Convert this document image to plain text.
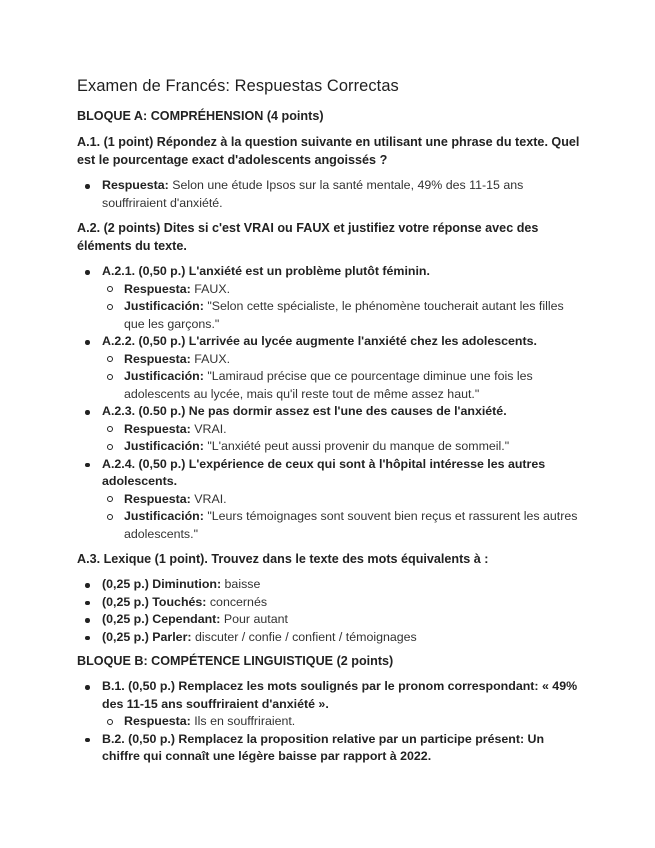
Examen de Francés: Respuestas Correctas
BLOQUE A: COMPRÉHENSION (4 points)
A.1. (1 point) Répondez à la question suivante en utilisant une phrase du texte. Quel est le pourcentage exact d'adolescents angoissés ?
Respuesta: Selon une étude Ipsos sur la santé mentale, 49% des 11-15 ans souffriraient d'anxiété.
A.2. (2 points) Dites si c'est VRAI ou FAUX et justifiez votre réponse avec des éléments du texte.
A.2.1. (0,50 p.) L'anxiété est un problème plutôt féminin.
Respuesta: FAUX.
Justificación: "Selon cette spécialiste, le phénomène toucherait autant les filles que les garçons."
A.2.2. (0,50 p.) L'arrivée au lycée augmente l'anxiété chez les adolescents.
Respuesta: FAUX.
Justificación: "Lamiraud précise que ce pourcentage diminue une fois les adolescents au lycée, mais qu'il reste tout de même assez haut."
A.2.3. (0.50 p.) Ne pas dormir assez est l'une des causes de l'anxiété.
Respuesta: VRAI.
Justificación: "L'anxiété peut aussi provenir du manque de sommeil."
A.2.4. (0,50 p.) L'expérience de ceux qui sont à l'hôpital intéresse les autres adolescents.
Respuesta: VRAI.
Justificación: "Leurs témoignages sont souvent bien reçus et rassurent les autres adolescents."
A.3. Lexique (1 point). Trouvez dans le texte des mots équivalents à :
(0,25 p.) Diminution: baisse
(0,25 p.) Touchés: concernés
(0,25 p.) Cependant: Pour autant
(0,25 p.) Parler: discuter / confie / confient / témoignages
BLOQUE B: COMPÉTENCE LINGUISTIQUE (2 points)
B.1. (0,50 p.) Remplacez les mots soulignés par le pronom correspondant: « 49% des 11-15 ans souffriraient d'anxiété ».
Respuesta: Ils en souffriraient.
B.2. (0,50 p.) Remplacez la proposition relative par un participe présent: Un chiffre qui connaît une légère baisse par rapport à 2022.
